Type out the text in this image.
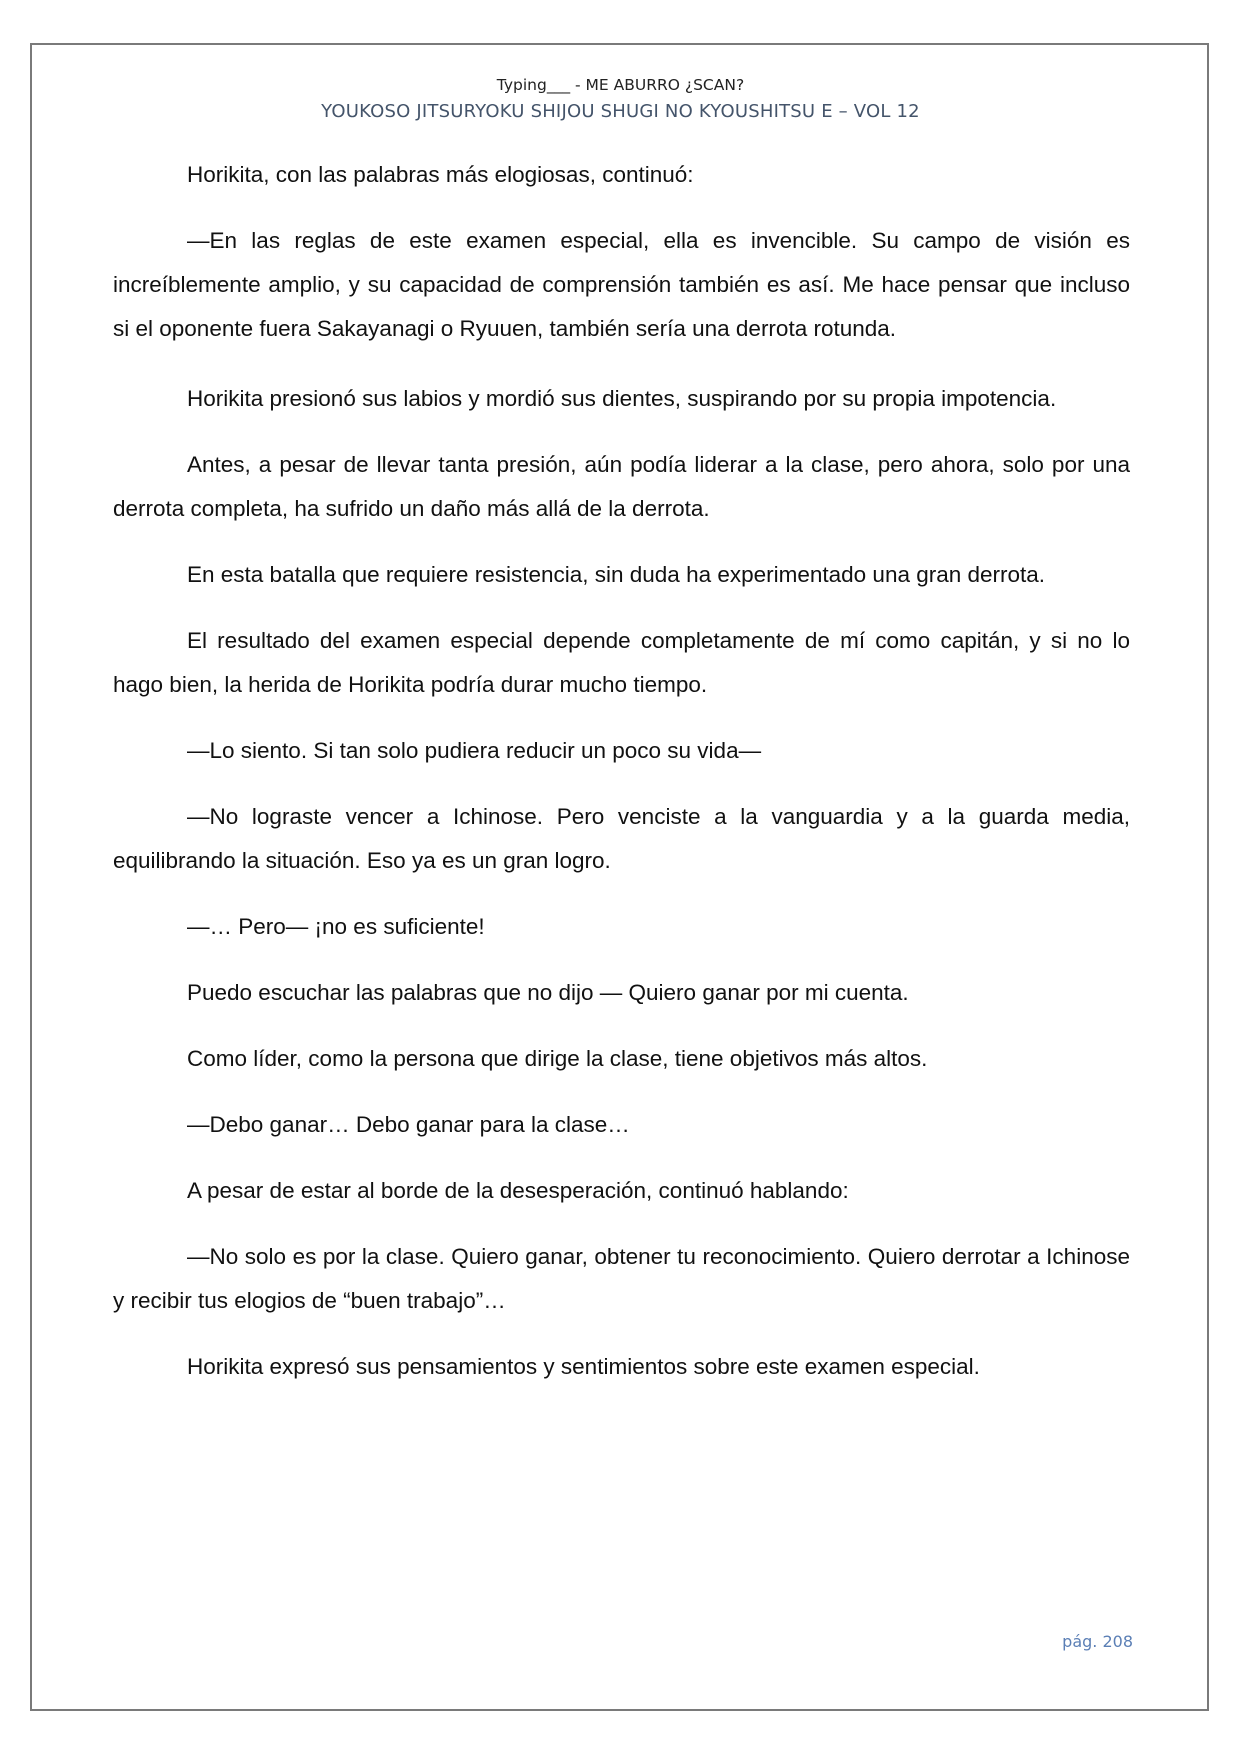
Typing___ - ME ABURRO ¿SCAN?
YOUKOSO JITSURYOKU SHIJOU SHUGI NO KYOUSHITSU E – VOL 12

Horikita, con las palabras más elogiosas, continuó:

—En las reglas de este examen especial, ella es invencible. Su campo de visión es increíblemente amplio, y su capacidad de comprensión también es así. Me hace pensar que incluso si el oponente fuera Sakayanagi o Ryuuen, también sería una derrota rotunda.

Horikita presionó sus labios y mordió sus dientes, suspirando por su propia impotencia.

Antes, a pesar de llevar tanta presión, aún podía liderar a la clase, pero ahora, solo por una derrota completa, ha sufrido un daño más allá de la derrota.

En esta batalla que requiere resistencia, sin duda ha experimentado una gran derrota.

El resultado del examen especial depende completamente de mí como capitán, y si no lo hago bien, la herida de Horikita podría durar mucho tiempo.

—Lo siento. Si tan solo pudiera reducir un poco su vida—

—No lograste vencer a Ichinose. Pero venciste a la vanguardia y a la guarda media, equilibrando la situación. Eso ya es un gran logro.

—… Pero— ¡no es suficiente!

Puedo escuchar las palabras que no dijo — Quiero ganar por mi cuenta.

Como líder, como la persona que dirige la clase, tiene objetivos más altos.

—Debo ganar… Debo ganar para la clase…

A pesar de estar al borde de la desesperación, continuó hablando:

—No solo es por la clase. Quiero ganar, obtener tu reconocimiento. Quiero derrotar a Ichinose y recibir tus elogios de “buen trabajo”…

Horikita expresó sus pensamientos y sentimientos sobre este examen especial.

pág. 208
